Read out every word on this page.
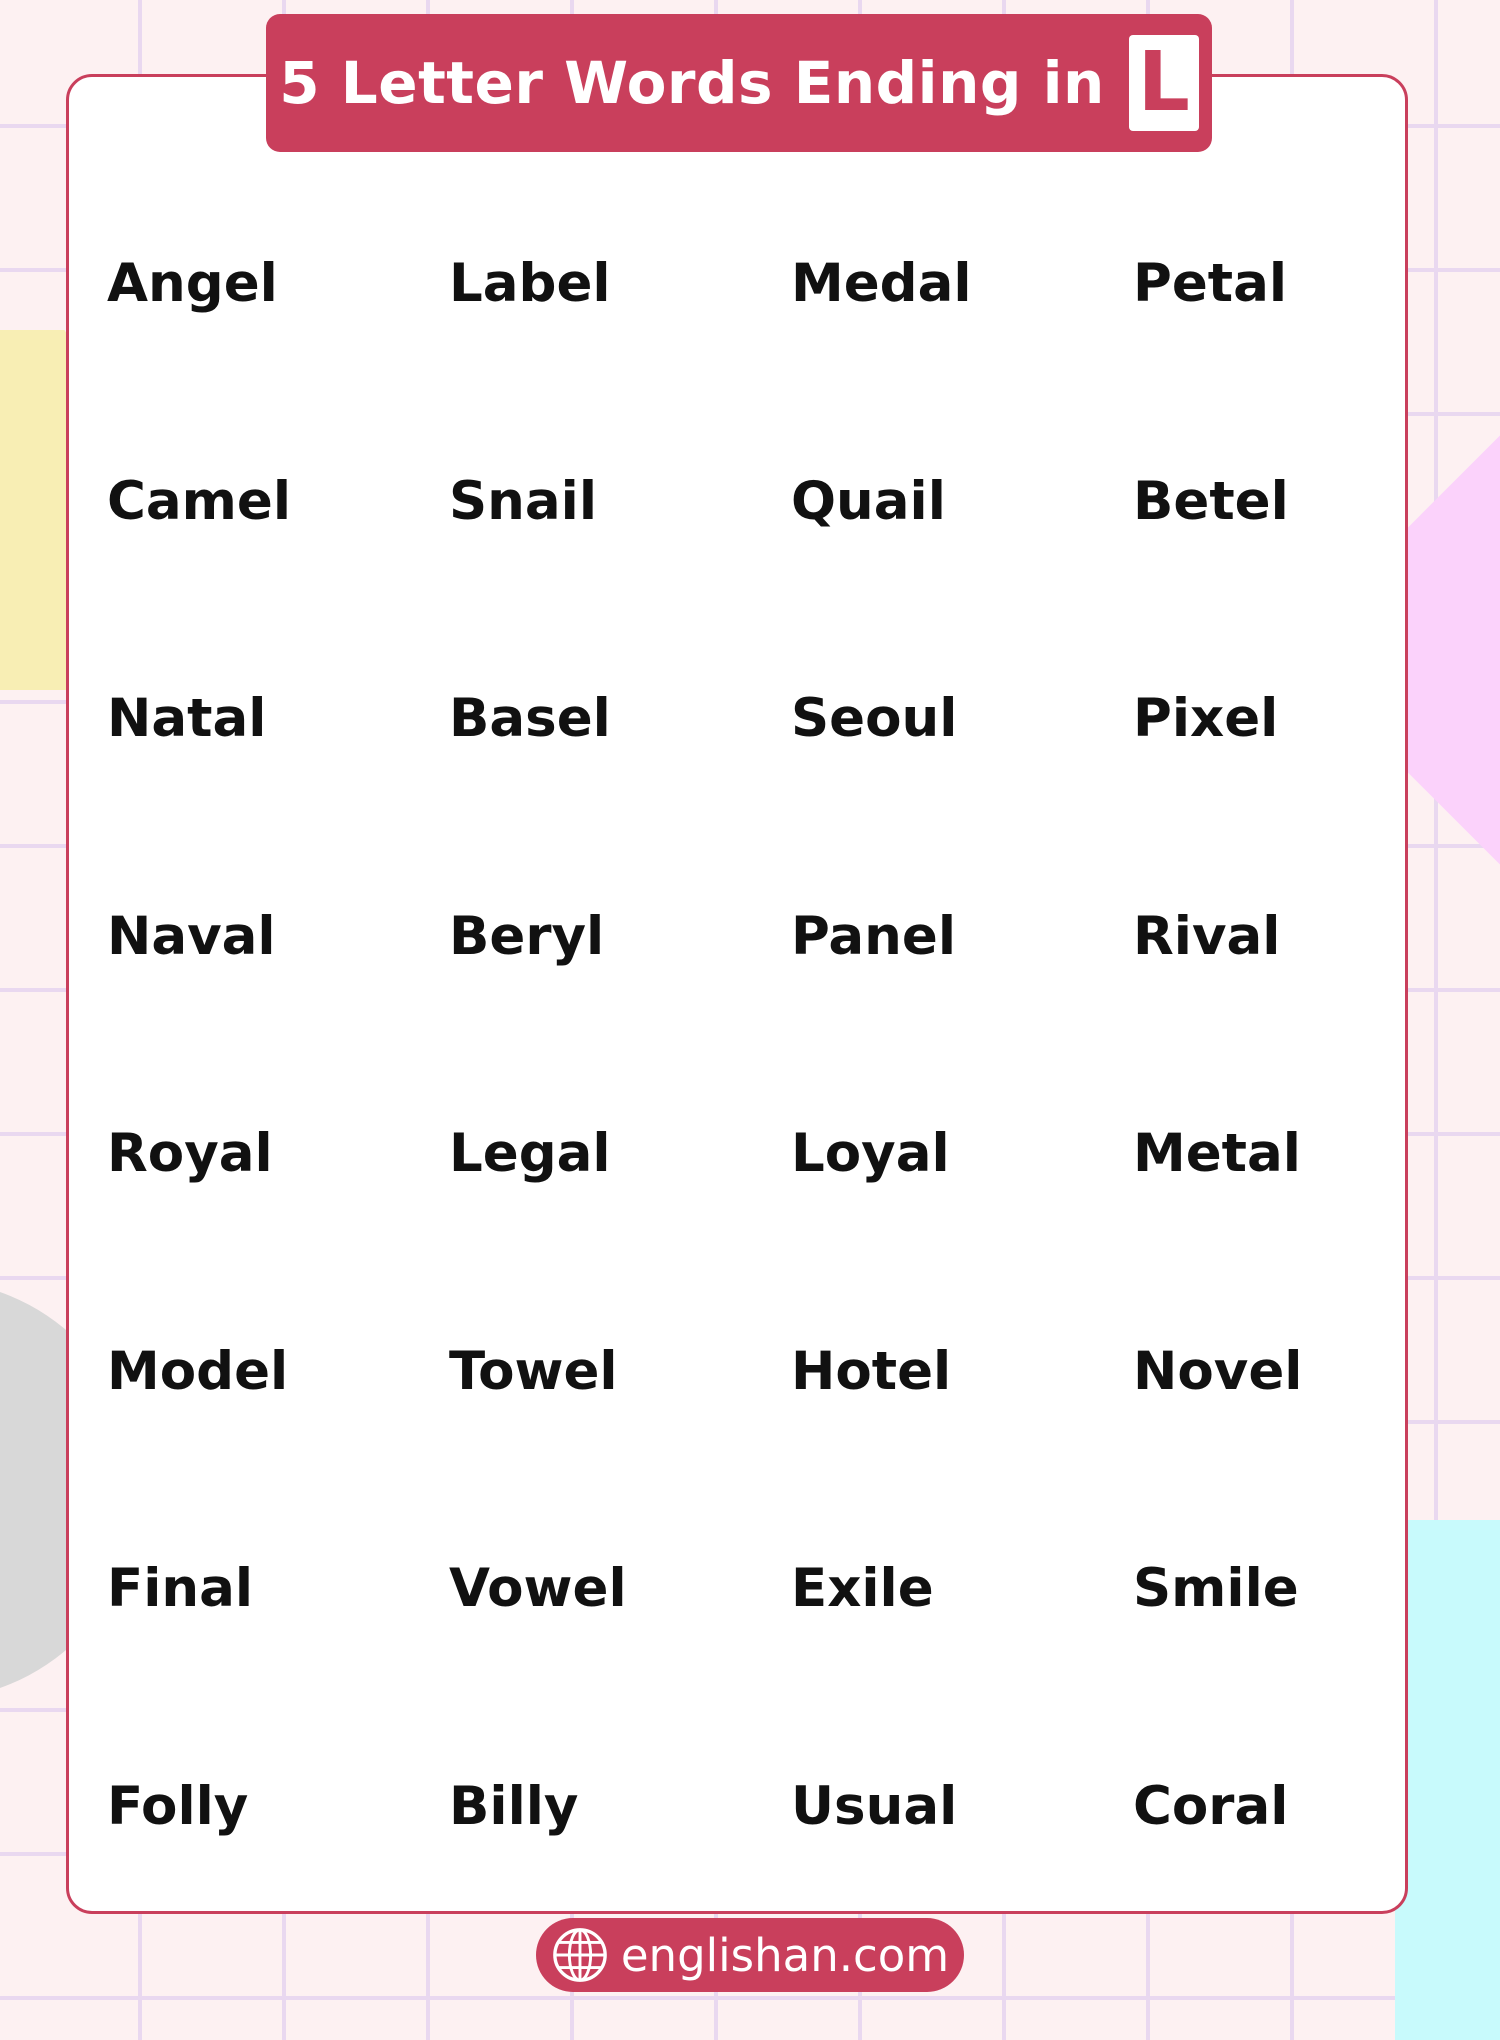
5 Letter Words Ending in L
Angel	Label	Medal	Petal
Camel	Snail	Quail	Betel
Natal	Basel	Seoul	Pixel
Naval	Beryl	Panel	Rival
Royal	Legal	Loyal	Metal
Model	Towel	Hotel	Novel
Final	Vowel	Exile	Smile
Folly	Billy	Usual	Coral
englishan.com
